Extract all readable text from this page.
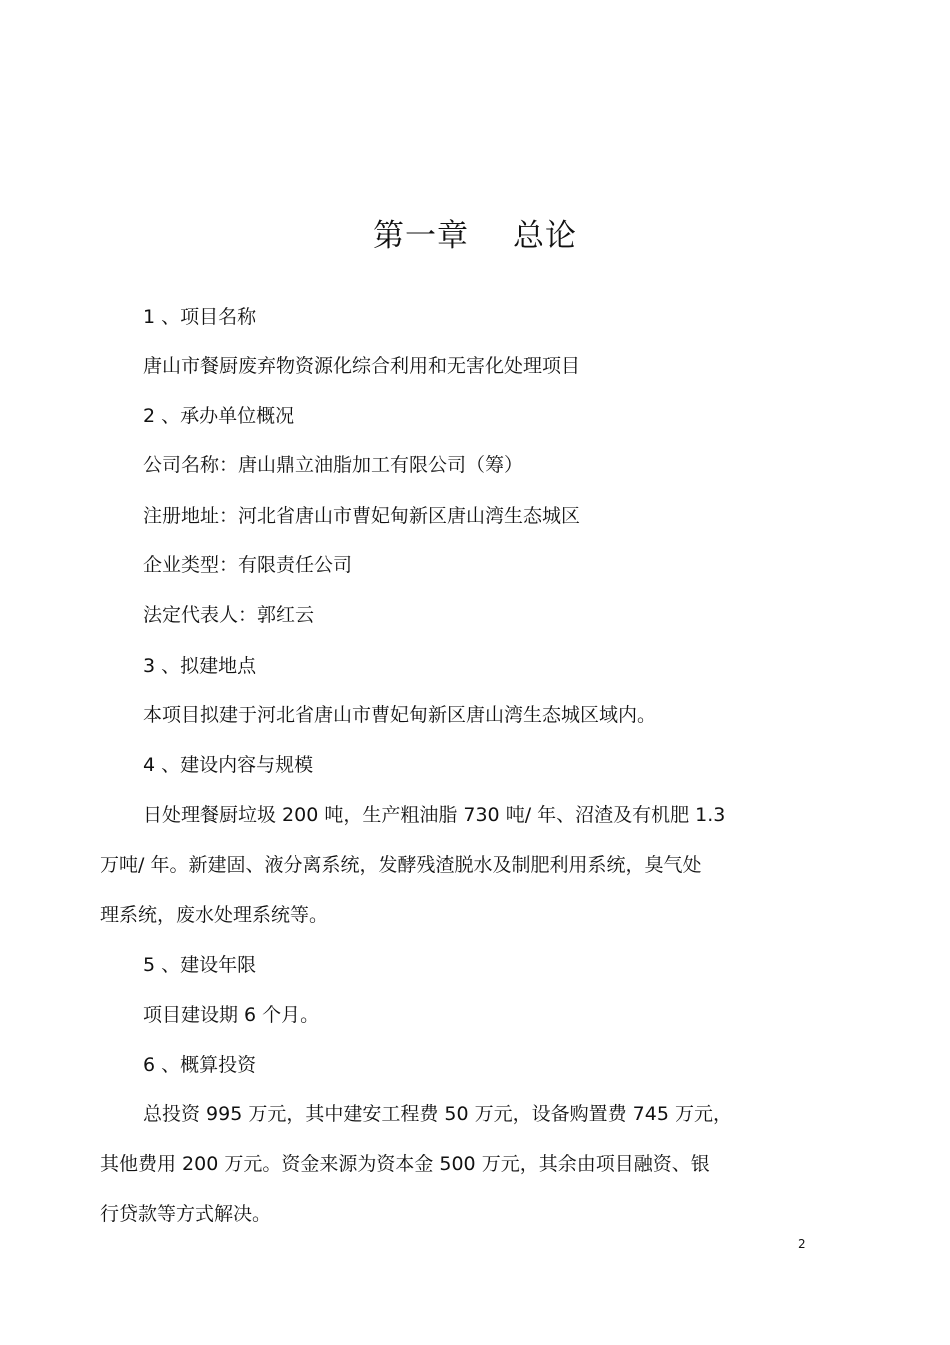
第一章 总论
1 、项目名称
唐山市餐厨废弃物资源化综合利用和无害化处理项目
2 、承办单位概况
公司名称：唐山鼎立油脂加工有限公司（筹）
注册地址：河北省唐山市曹妃甸新区唐山湾生态城区
企业类型：有限责任公司
法定代表人：郭红云
3 、拟建地点
本项目拟建于河北省唐山市曹妃甸新区唐山湾生态城区域内。
4 、建设内容与规模
日处理餐厨垃圾 200 吨，生产粗油脂 730 吨/ 年、沼渣及有机肥 1.3
万吨/ 年。新建固、液分离系统，发酵残渣脱水及制肥利用系统，臭气处
理系统，废水处理系统等。
5 、建设年限
项目建设期 6 个月。
6 、概算投资
总投资 995 万元，其中建安工程费 50 万元，设备购置费 745 万元，
其他费用 200 万元。资金来源为资本金 500 万元，其余由项目融资、银
行贷款等方式解决。
2
